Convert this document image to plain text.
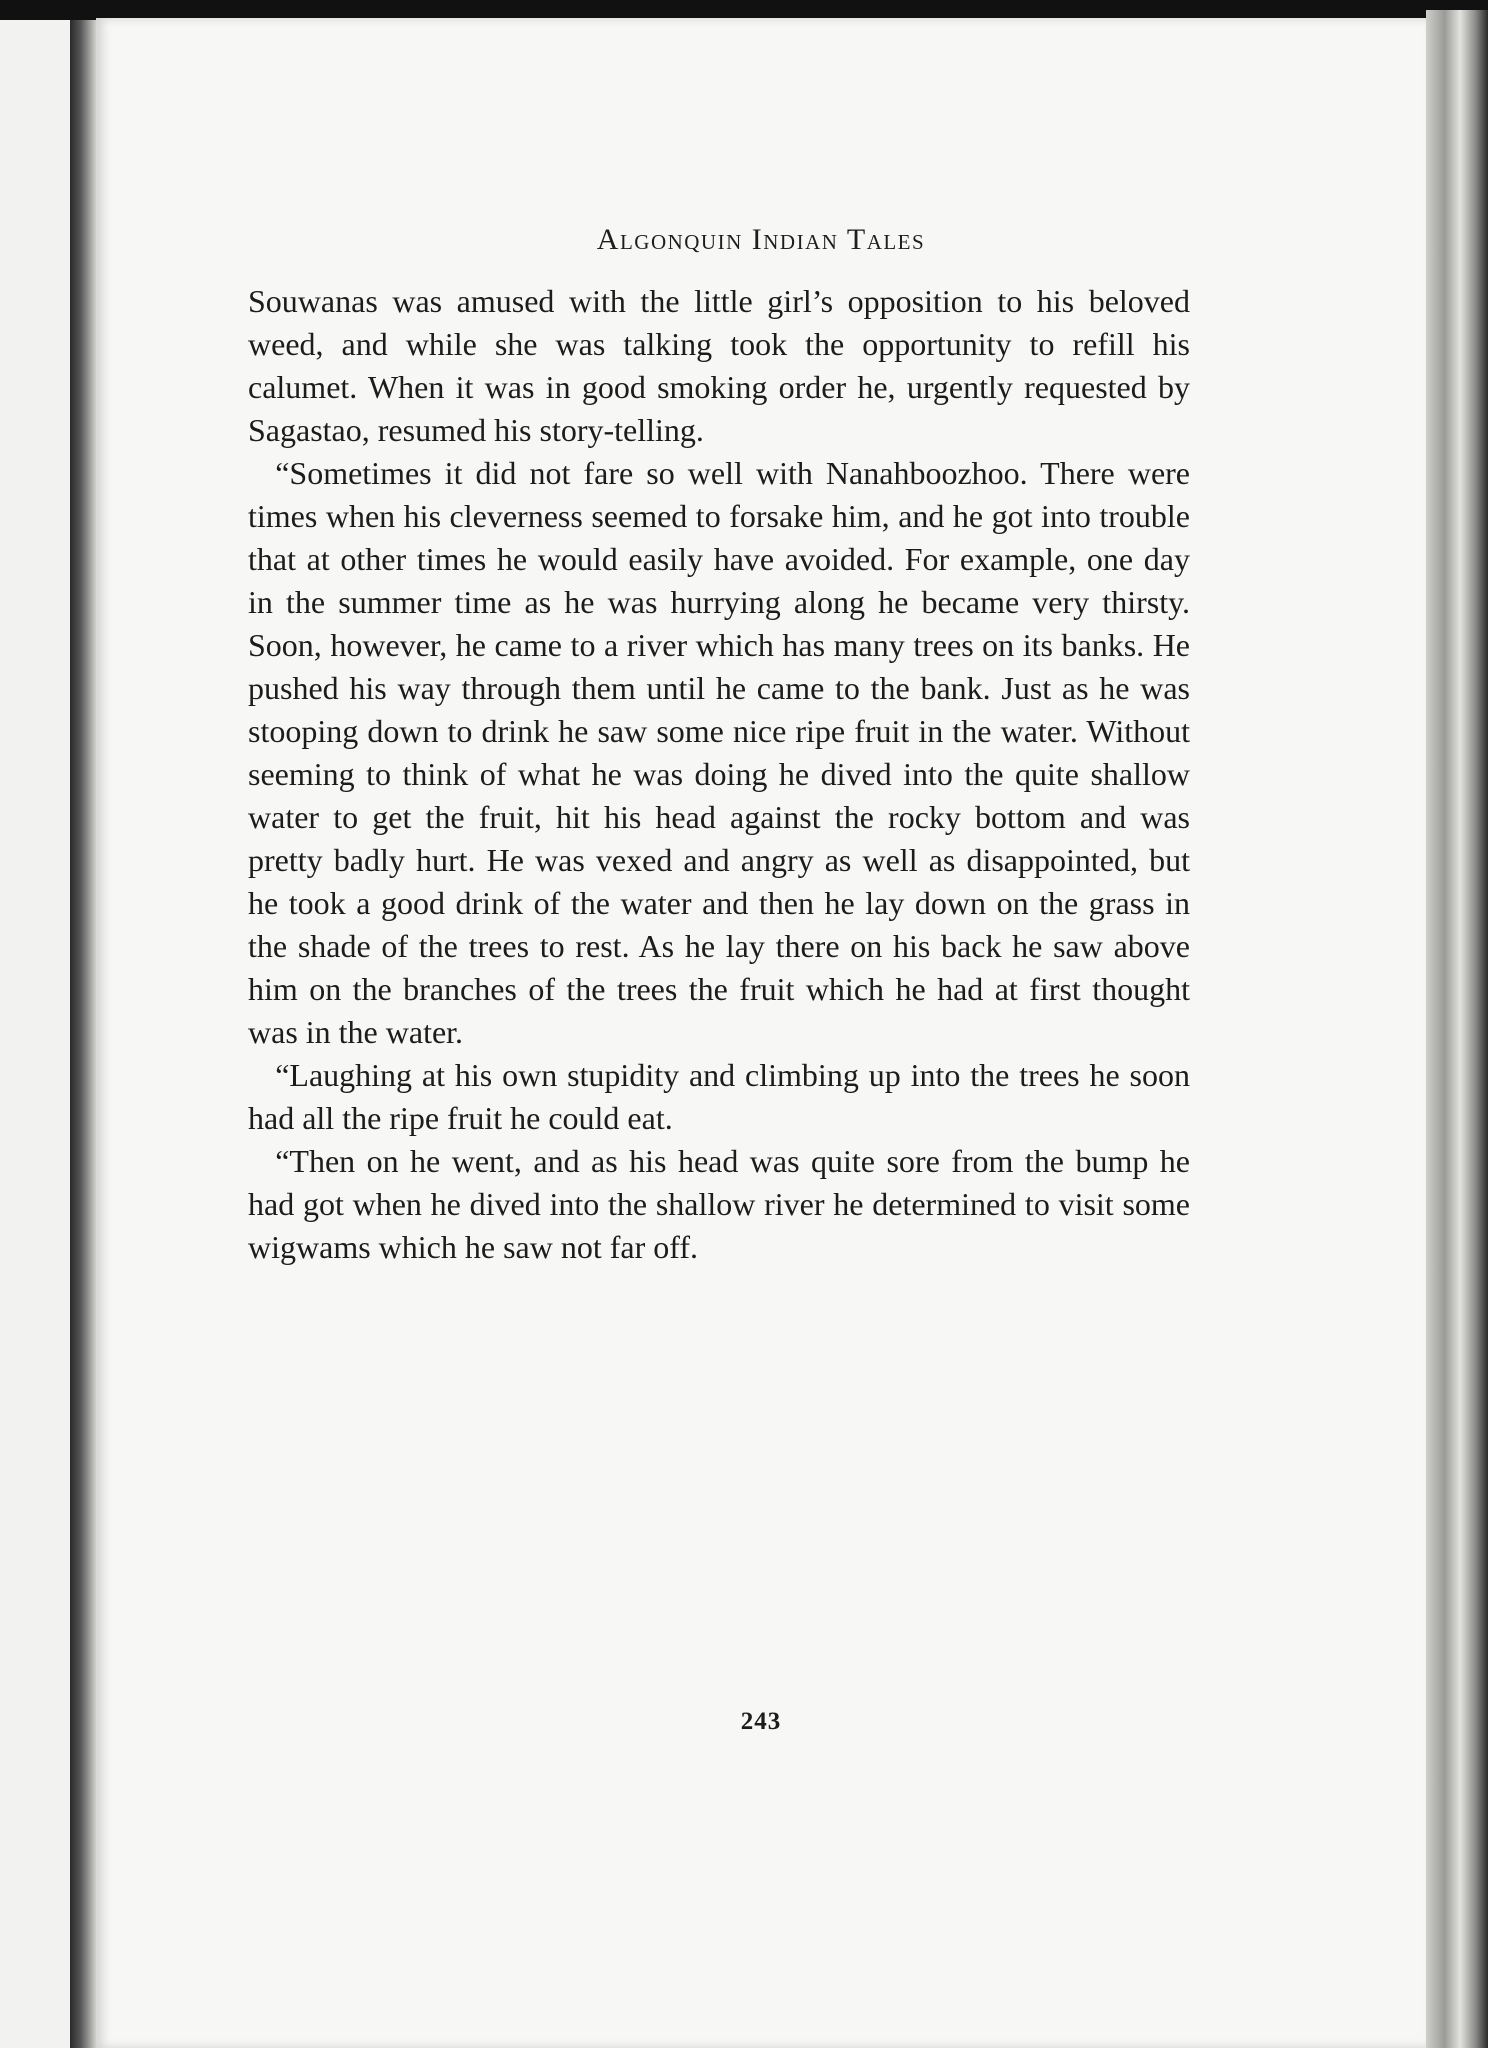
Algonquin Indian Tales

Souwanas was amused with the little girl’s opposition to his beloved weed, and while she was talking took the opportunity to refill his calumet. When it was in good smoking order he, urgently requested by Sagastao, resumed his story-telling.

“Sometimes it did not fare so well with Nanahboozhoo. There were times when his cleverness seemed to forsake him, and he got into trouble that at other times he would easily have avoided. For example, one day in the summer time as he was hurrying along he became very thirsty. Soon, however, he came to a river which has many trees on its banks. He pushed his way through them until he came to the bank. Just as he was stooping down to drink he saw some nice ripe fruit in the water. Without seeming to think of what he was doing he dived into the quite shallow water to get the fruit, hit his head against the rocky bottom and was pretty badly hurt. He was vexed and angry as well as disappointed, but he took a good drink of the water and then he lay down on the grass in the shade of the trees to rest. As he lay there on his back he saw above him on the branches of the trees the fruit which he had at first thought was in the water.

“Laughing at his own stupidity and climbing up into the trees he soon had all the ripe fruit he could eat.

“Then on he went, and as his head was quite sore from the bump he had got when he dived into the shallow river he determined to visit some wigwams which he saw not far off.

243
